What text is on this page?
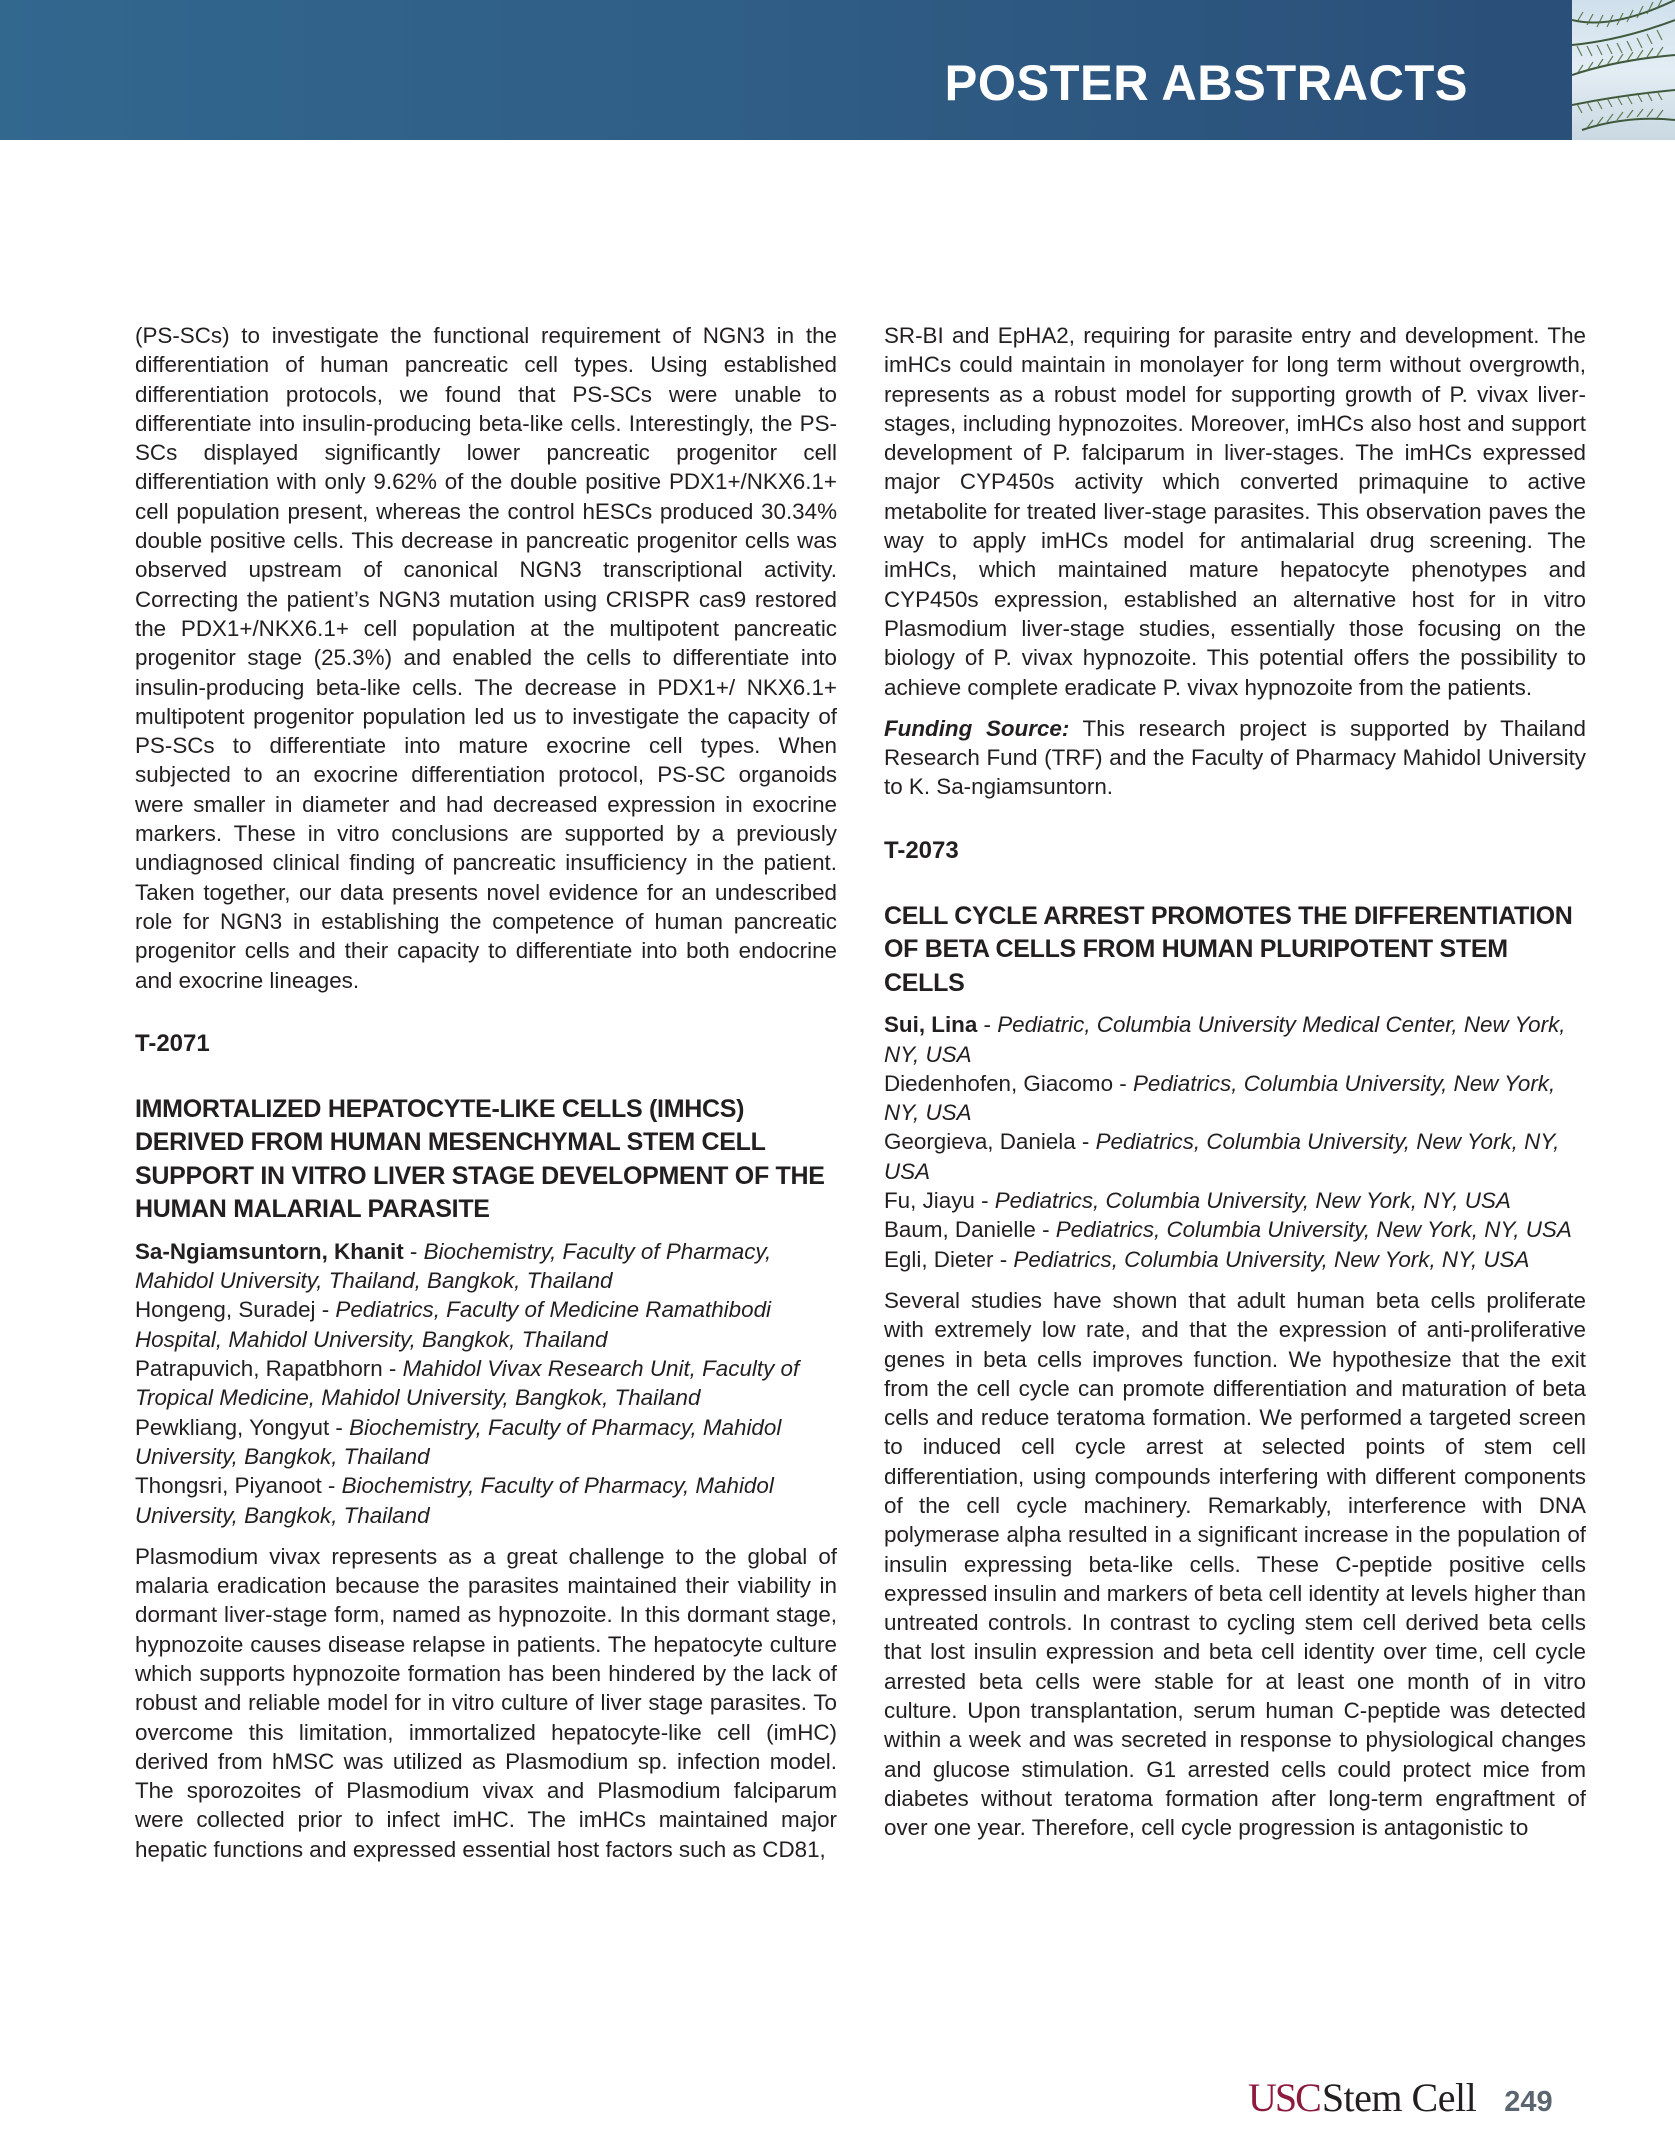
POSTER ABSTRACTS

(PS-SCs) to investigate the functional requirement of NGN3 in the differentiation of human pancreatic cell types. Using established differentiation protocols, we found that PS-SCs were unable to differentiate into insulin-producing beta-like cells. Interestingly, the PS-SCs displayed significantly lower pancreatic progenitor cell differentiation with only 9.62% of the double positive PDX1+/NKX6.1+ cell population present, whereas the control hESCs produced 30.34% double positive cells. This decrease in pancreatic progenitor cells was observed upstream of canonical NGN3 transcriptional activity. Correcting the patient’s NGN3 mutation using CRISPR cas9 restored the PDX1+/NKX6.1+ cell population at the multipotent pancreatic progenitor stage (25.3%) and enabled the cells to differentiate into insulin-producing beta-like cells. The decrease in PDX1+/ NKX6.1+ multipotent progenitor population led us to investigate the capacity of PS-SCs to differentiate into mature exocrine cell types. When subjected to an exocrine differentiation protocol, PS-SC organoids were smaller in diameter and had decreased expression in exocrine markers. These in vitro conclusions are supported by a previously undiagnosed clinical finding of pancreatic insufficiency in the patient. Taken together, our data presents novel evidence for an undescribed role for NGN3 in establishing the competence of human pancreatic progenitor cells and their capacity to differentiate into both endocrine and exocrine lineages.

T-2071
IMMORTALIZED HEPATOCYTE-LIKE CELLS (IMHCS) DERIVED FROM HUMAN MESENCHYMAL STEM CELL SUPPORT IN VITRO LIVER STAGE DEVELOPMENT OF THE HUMAN MALARIAL PARASITE
Sa-Ngiamsuntorn, Khanit - Biochemistry, Faculty of Pharmacy, Mahidol University, Thailand, Bangkok, Thailand
Hongeng, Suradej - Pediatrics, Faculty of Medicine Ramathibodi Hospital, Mahidol University, Bangkok, Thailand
Patrapuvich, Rapatbhorn - Mahidol Vivax Research Unit, Faculty of Tropical Medicine, Mahidol University, Bangkok, Thailand
Pewkliang, Yongyut - Biochemistry, Faculty of Pharmacy, Mahidol University, Bangkok, Thailand
Thongsri, Piyanoot - Biochemistry, Faculty of Pharmacy, Mahidol University, Bangkok, Thailand

Plasmodium vivax represents as a great challenge to the global of malaria eradication because the parasites maintained their viability in dormant liver-stage form, named as hypnozoite. In this dormant stage, hypnozoite causes disease relapse in patients. The hepatocyte culture which supports hypnozoite formation has been hindered by the lack of robust and reliable model for in vitro culture of liver stage parasites. To overcome this limitation, immortalized hepatocyte-like cell (imHC) derived from hMSC was utilized as Plasmodium sp. infection model. The sporozoites of Plasmodium vivax and Plasmodium falciparum were collected prior to infect imHC. The imHCs maintained major hepatic functions and expressed essential host factors such as CD81,

SR-BI and EpHA2, requiring for parasite entry and development. The imHCs could maintain in monolayer for long term without overgrowth, represents as a robust model for supporting growth of P. vivax liver-stages, including hypnozoites. Moreover, imHCs also host and support development of P. falciparum in liver-stages. The imHCs expressed major CYP450s activity which converted primaquine to active metabolite for treated liver-stage parasites. This observation paves the way to apply imHCs model for antimalarial drug screening. The imHCs, which maintained mature hepatocyte phenotypes and CYP450s expression, established an alternative host for in vitro Plasmodium liver-stage studies, essentially those focusing on the biology of P. vivax hypnozoite. This potential offers the possibility to achieve complete eradicate P. vivax hypnozoite from the patients.

Funding Source: This research project is supported by Thailand Research Fund (TRF) and the Faculty of Pharmacy Mahidol University to K. Sa-ngiamsuntorn.

T-2073
CELL CYCLE ARREST PROMOTES THE DIFFERENTIATION OF BETA CELLS FROM HUMAN PLURIPOTENT STEM CELLS
Sui, Lina - Pediatric, Columbia University Medical Center, New York, NY, USA
Diedenhofen, Giacomo - Pediatrics, Columbia University, New York, NY, USA
Georgieva, Daniela - Pediatrics, Columbia University, New York, NY, USA
Fu, Jiayu - Pediatrics, Columbia University, New York, NY, USA
Baum, Danielle - Pediatrics, Columbia University, New York, NY, USA
Egli, Dieter - Pediatrics, Columbia University, New York, NY, USA

Several studies have shown that adult human beta cells proliferate with extremely low rate, and that the expression of anti-proliferative genes in beta cells improves function. We hypothesize that the exit from the cell cycle can promote differentiation and maturation of beta cells and reduce teratoma formation. We performed a targeted screen to induced cell cycle arrest at selected points of stem cell differentiation, using compounds interfering with different components of the cell cycle machinery. Remarkably, interference with DNA polymerase alpha resulted in a significant increase in the population of insulin expressing beta-like cells. These C-peptide positive cells expressed insulin and markers of beta cell identity at levels higher than untreated controls. In contrast to cycling stem cell derived beta cells that lost insulin expression and beta cell identity over time, cell cycle arrested beta cells were stable for at least one month of in vitro culture. Upon transplantation, serum human C-peptide was detected within a week and was secreted in response to physiological changes and glucose stimulation. G1 arrested cells could protect mice from diabetes without teratoma formation after long-term engraftment of over one year. Therefore, cell cycle progression is antagonistic to

USC Stem Cell 249
